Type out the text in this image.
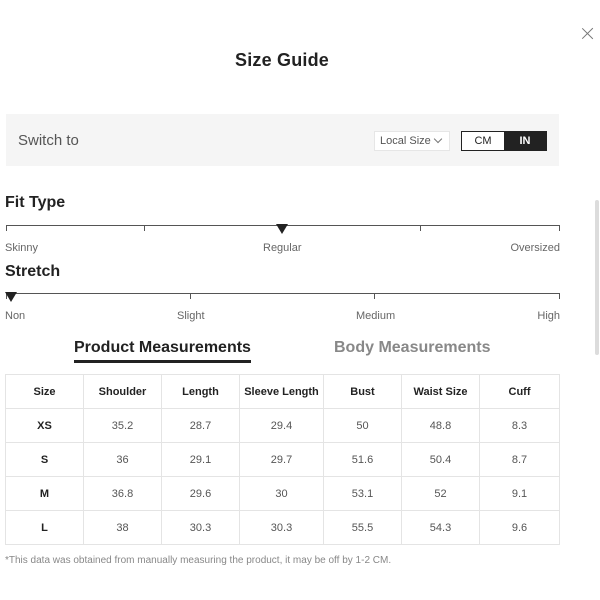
Size Guide
Switch to	Local Size	CM	IN
Fit Type
Skinny	Regular	Oversized
Stretch
Non	Slight	Medium	High
Product Measurements	Body Measurements
Size	Shoulder	Length	Sleeve Length	Bust	Waist Size	Cuff
XS	35.2	28.7	29.4	50	48.8	8.3
S	36	29.1	29.7	51.6	50.4	8.7
M	36.8	29.6	30	53.1	52	9.1
L	38	30.3	30.3	55.5	54.3	9.6
*This data was obtained from manually measuring the product, it may be off by 1-2 CM.
